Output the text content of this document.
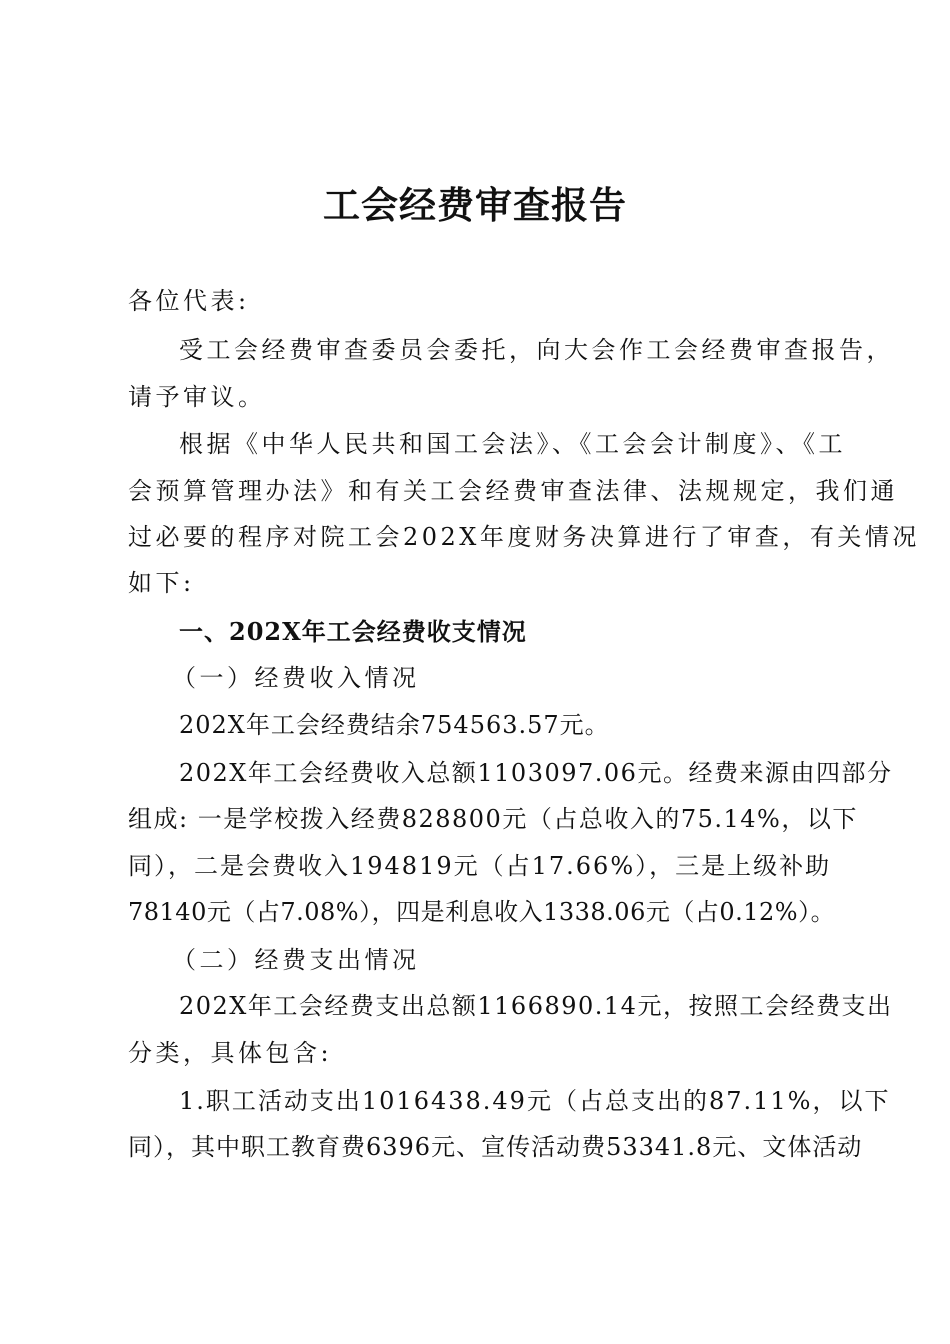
工会经费审查报告
各位代表:
受工会经费审查委员会委托，向大会作工会经费审查报告，
请予审议。
根据《中华人民共和国工会法》、《工会会计制度》、《工
会预算管理办法》和有关工会经费审查法律、法规规定，我们通
过必要的程序对院工会202X年度财务决算进行了审查，有关情况
如下:
一、202X年工会经费收支情况
（一）经费收入情况
202X年工会经费结余754563.57元。
202X年工会经费收入总额1103097.06元。经费来源由四部分
组成: 一是学校拨入经费828800元（占总收入的75.14%，以下
同），二是会费收入194819元（占17.66%），三是上级补助
78140元（占7.08%），四是利息收入1338.06元（占0.12%）。
（二）经费支出情况
202X年工会经费支出总额1166890.14元，按照工会经费支出
分类，具体包含:
1.职工活动支出1016438.49元（占总支出的87.11%，以下
同），其中职工教育费6396元、宣传活动费53341.8元、文体活动
